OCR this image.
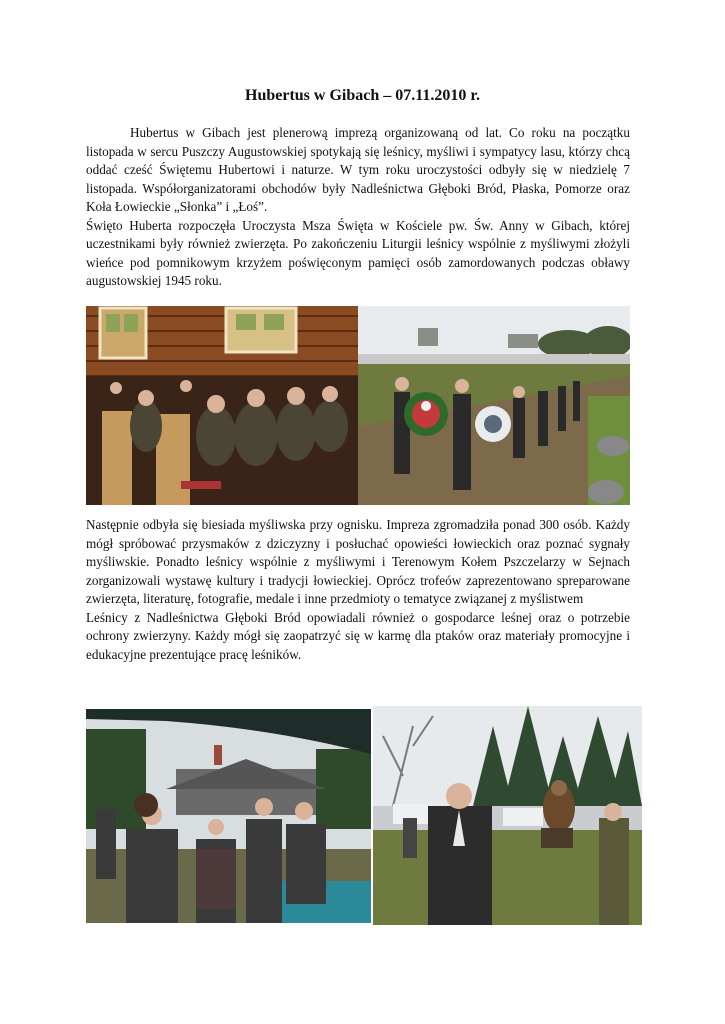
Hubertus w Gibach – 07.11.2010 r.

Hubertus w Gibach jest plenerową imprezą organizowaną od lat. Co roku na początku listopada w sercu Puszczy Augustowskiej spotykają się leśnicy, myśliwi i sympatycy lasu, którzy chcą oddać cześć Świętemu Hubertowi i naturze. W tym roku uroczystości odbyły się w niedzielę 7 listopada. Współorganizatorami obchodów były Nadleśnictwa Głęboki Bród, Płaska, Pomorze oraz Koła Łowieckie „Słonka” i „Łoś”.

Święto Huberta rozpoczęła Uroczysta Msza Święta w Kościele pw. Św. Anny w Gibach, której uczestnikami były również zwierzęta. Po zakończeniu Liturgii leśnicy wspólnie z myśliwymi złożyli wieńce pod pomnikowym krzyżem poświęconym pamięci osób zamordowanych podczas obławy augustowskiej 1945 roku.

Następnie odbyła się biesiada myśliwska przy ognisku. Impreza zgromadziła ponad 300 osób. Każdy mógł spróbować przysmaków z dziczyzny i posłuchać opowieści łowieckich oraz poznać sygnały myśliwskie. Ponadto leśnicy wspólnie z myśliwymi i Terenowym Kołem Pszczelarzy w Sejnach zorganizowali wystawę kultury i tradycji łowieckiej. Oprócz trofeów zaprezentowano spreparowane zwierzęta, literaturę, fotografie, medale i inne przedmioty o tematyce związanej z myślistwem

Leśnicy z Nadleśnictwa Głęboki Bród opowiadali również o gospodarce leśnej oraz o potrzebie ochrony zwierzyny. Każdy mógł się zaopatrzyć się w karmę dla ptaków oraz materiały promocyjne i edukacyjne prezentujące pracę leśników.
